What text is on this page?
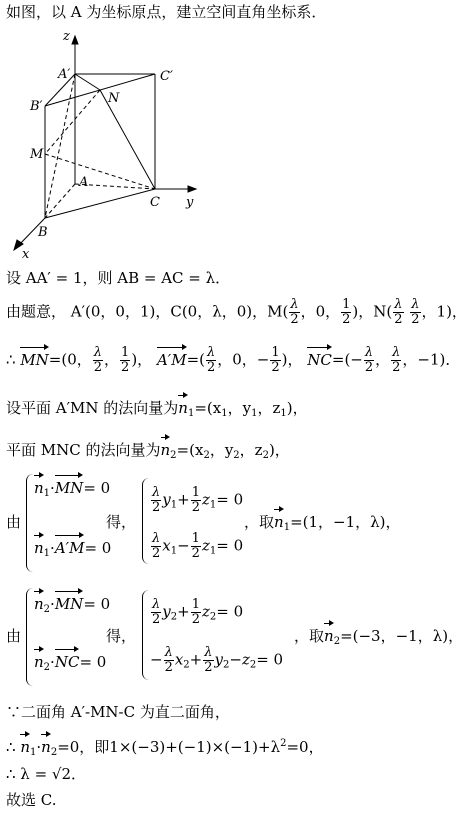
如图，以 A 为坐标原点，建立空间直角坐标系．
z
A′	C′
B′
N
M
A
C y
B
x
设 AA′ = 1，则 AB = AC = λ．
由题意， A′(0，0，1)，C(0，λ，0)，$M( \frac{\lambda}{2}$ ，0， $\frac{1}{2}$ )，$N( \frac{\lambda}{2}$
$\frac{\lambda}{2}$ ，1)，
∴ MN=(0， $\frac{\lambda}{2}$ ， $\frac{1}{2}$ )， $A'M=( \frac{\lambda}{2}$ ，0，− $\frac{1}{2}$ )， $NC=(- \frac{\lambda}{2}$ ， $\frac{\lambda}{2}$ ，−1)．
设平面 A′MN 的法向量为$n_1=(x_1$，$y_1$，$z_1$)，
平面 MNC 的法向量为$n_2=(x_2$，$y_2$，$z_2$)，
由
$n_1\cdot MN= 0$
$n_1\cdot A'M= 0$
得，
$\frac{\lambda}{2} y_1+ \frac{1}{2} z_1= 0$
$\frac{\lambda}{2} x_1- \frac{1}{2} z_1= 0$
，取$n_1=(1$，−1，λ)，
由
$n_2\cdot MN= 0$
$n_2\cdot NC= 0$
得，
$\frac{\lambda}{2} y_2+ \frac{1}{2} z_2= 0$
− $\frac{\lambda}{2} x_2+ \frac{\lambda}{2} y_2-z_2= 0$
，取$n_2=(-3$，−1，λ)，
∵二面角 A′-MN-C 为直二面角，
∴ $n_1\cdot n_2=0$，即$1\times(-3)+(-1)\times(-1)+\lambda^2=0$，
∴ λ = √2．
故选 C.
